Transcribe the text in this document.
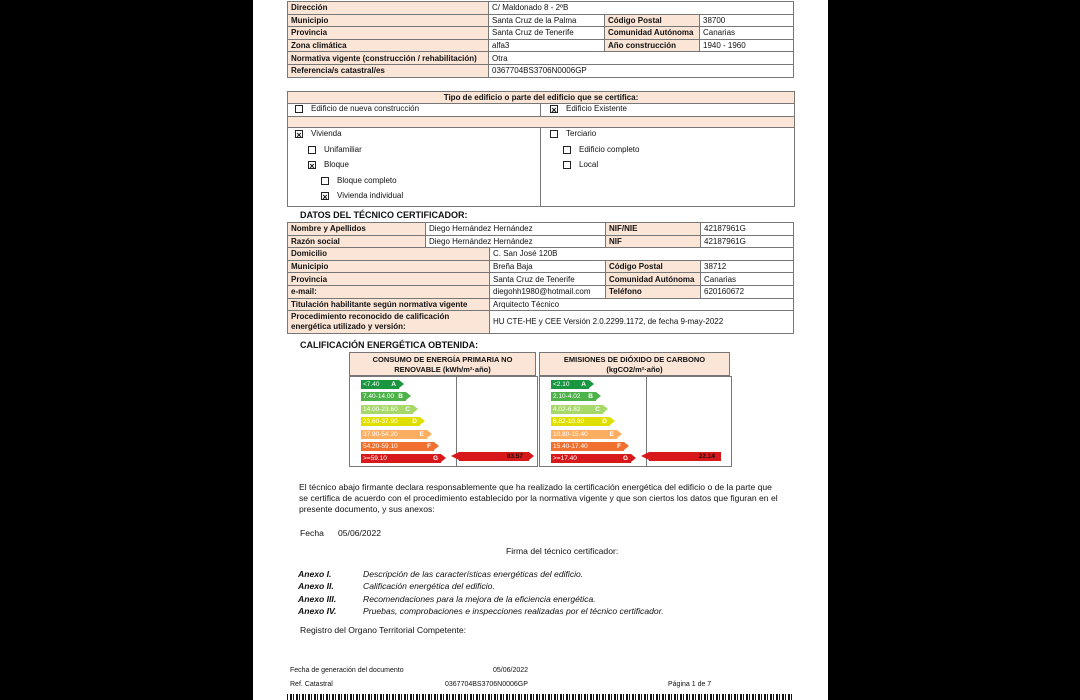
Dirección	C/ Maldonado 8 - 2ºB		
Municipio	Santa Cruz de la Palma	Código Postal	38700
Provincia	Santa Cruz de Tenerife	Comunidad Autónoma	Canarias
Zona climática	alfa3	Año construcción	1940 - 1960
Normativa vigente (construcción / rehabilitación)	Otra		
Referencia/s catastral/es	0367704BS3706N0006GP		
Tipo de edificio o parte del edificio que se certifica:
Edificio de nueva construcción	× Edificio Existente
× Vivienda
Unifamiliar
× Bloque
Bloque completo
× Vivienda individual
Terciario
Edificio completo
Local
DATOS DEL TÉCNICO CERTIFICADOR:
Nombre y Apellidos	Diego Hernández Hernández		NIF/NIE	42187961G
Razón social	Diego Hernández Hernández		NIF	42187961G
Domicilio		C. San José 120B		
Municipio		Breña Baja	Código Postal	38712
Provincia		Santa Cruz de Tenerife	Comunidad Autónoma	Canarias
e-mail:		diegohh1980@hotmail.com	Teléfono	620160672
Titulación habilitante según normativa vigente		Arquitecto Técnico		
Procedimiento reconocido de calificación energética utilizado y versión:		HU CTE-HE y CEE Versión 2.0.2299.1172, de fecha 9-may-2022		
CALIFICACIÓN ENERGÉTICA OBTENIDA:
CONSUMO DE ENERGÍA PRIMARIA NO RENOVABLE (kWh/m²·año)
<7.40 A
7.40-14.00 B
14.00-23.60 C
23.60-37.90 D
37.90-54.20	E
54.20-59.10	F
>=59.10	G	83.57
EMISIONES DE DIÓXIDO DE CARBONO (kgCO2/m²·año)
<2.10 A
2.10-4.02 B
4.02-6.82 C
6.82-10.80	D
10.80-15.40	E
15.40-17.40	F
>=17.40	G	22.14
El técnico abajo firmante declara responsablemente que ha realizado la certificación energética del edificio o de la parte que se certifica de acuerdo con el procedimiento establecido por la normativa vigente y que son ciertos los datos que figuran en el presente documento, y sus anexos:
Fecha 05/06/2022
Firma del técnico certificador:
Anexo I.	Descripción de las características energéticas del edificio.
Anexo II.	Calificación energética del edificio.
Anexo III.	Recomendaciones para la mejora de la eficiencia energética.
Anexo IV.	Pruebas, comprobaciones e inspecciones realizadas por el técnico certificador.
Registro del Organo Territorial Competente:
Fecha de generación del documento	05/06/2022
Ref. Catastral	0367704BS3706N0006GP	Página 1 de 7
